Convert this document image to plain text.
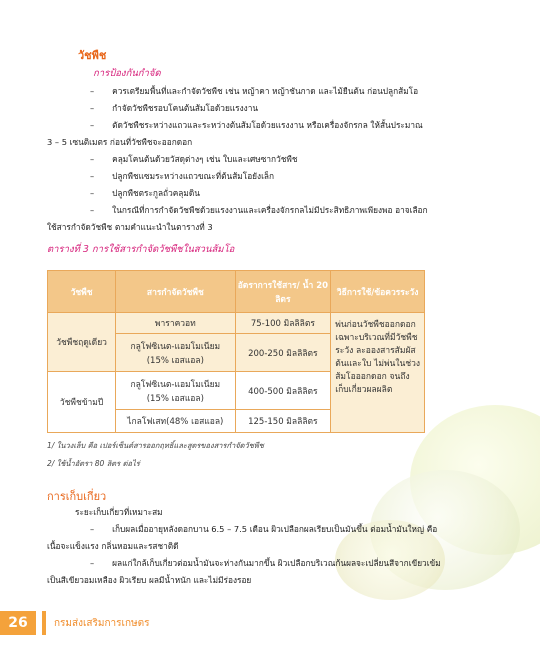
วัชพืช
การป้องกันกำจัด
– ควรเตรียมพื้นที่และกำจัดวัชพืช เช่น หญ้าคา หญ้าชันกาด และไม้ยืนต้น ก่อนปลูกส้มโอ
– กำจัดวัชพืชรอบโคนต้นส้มโอด้วยแรงงาน
– ตัดวัชพืชระหว่างแถวและระหว่างต้นส้มโอด้วยแรงงาน หรือเครื่องจักรกล ให้สั้นประมาณ
3 – 5 เซนติเมตร ก่อนที่วัชพืชจะออกดอก
– คลุมโคนต้นด้วยวัสดุต่างๆ เช่น ใบและเศษซากวัชพืช
– ปลูกพืชแซมระหว่างแถวขณะที่ต้นส้มโอยังเล็ก
– ปลูกพืชตระกูลถั่วคลุมดิน
– ในกรณีที่การกำจัดวัชพืชด้วยแรงงานและเครื่องจักรกลไม่มีประสิทธิภาพเพียงพอ อาจเลือก
ใช้สารกำจัดวัชพืช ตามคำแนะนำในตารางที่ 3
ตารางที่ 3 การใช้สารกำจัดวัชพืชในสวนส้มโอ
วัชพืช	สารกำจัดวัชพืช	อัตราการใช้สาร/ น้ำ 20 ลิตร	วิธีการใช้/ข้อควรระวัง
วัชพืชฤดูเดียว	พาราควอท	75-100 มิลลิลิตร	พ่นก่อนวัชพืชออกดอก เฉพาะบริเวณที่มีวัชพืชระวัง ละอองสารสัมผัสต้นและใบ ไม่พ่นในช่วงส้มโอออกดอก จนถึงเก็บเกี่ยวผลผลิต
	กลูโฟซิเนต-แอมโมเนียม (15% เอสแอล)	200-250 มิลลิลิตร	
วัชพืชข้ามปี	กลูโฟซิเนต-แอมโมเนียม (15% เอสแอล)	400-500 มิลลิลิตร	
	ไกลโฟเสท(48% เอสแอล)	125-150 มิลลิลิตร	
1/ ในวงเล็บ คือ เปอร์เซ็นต์สารออกฤทธิ์และสูตรของสารกำจัดวัชพืช
2/ ใช้น้ำอัตรา 80 ลิตร ต่อไร่
การเก็บเกี่ยว
ระยะเก็บเกี่ยวที่เหมาะสม
– เก็บผลเมื่ออายุหลังดอกบาน 6.5 – 7.5 เดือน ผิวเปลือกผลเรียบเป็นมันขึ้น ต่อมน้ำมันใหญ่ คือ
เนื้อจะแข็งแรง กลิ่นหอมและรสชาติดี
– ผลแก่ใกล้เก็บเกี่ยวต่อมน้ำมันจะห่างกันมากขึ้น ผิวเปลือกบริเวณก้นผลจะเปลี่ยนสีจากเขียวเข้ม
เป็นสีเขียวอมเหลือง ผิวเรียบ ผลมีน้ำหนัก และไม่มีร่องรอย
26	กรมส่งเสริมการเกษตร
